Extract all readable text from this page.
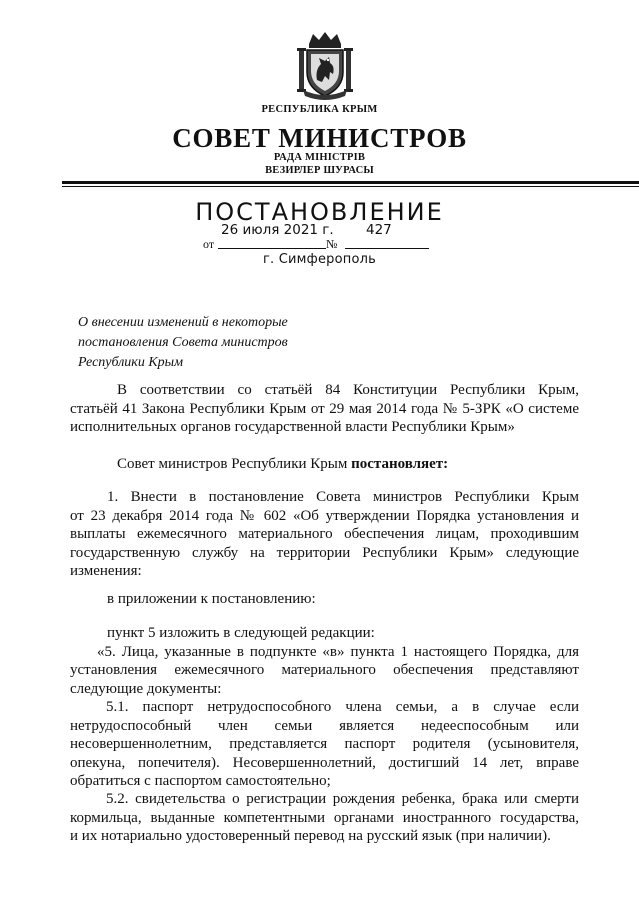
РЕСПУБЛИКА КРЫМ
СОВЕТ МИНИСТРОВ
РАДА МІНІСТРІВ
ВЕЗИРЛЕР ШУРАСЫ
ПОСТАНОВЛЕНИЕ
26 июля 2021 г. 427
от	№
г. Симферополь
О внесении изменений в некоторые
постановления Совета министров
Республики Крым
В соответствии со статьёй 84 Конституции Республики Крым,
статьёй 41 Закона Республики Крым от 29 мая 2014 года № 5-ЗРК «О системе
исполнительных органов государственной власти Республики Крым»
Совет министров Республики Крым постановляет:
1. Внести в постановление Совета министров Республики Крым
от 23 декабря 2014 года № 602 «Об утверждении Порядка установления и
выплаты ежемесячного материального обеспечения лицам, проходившим
государственную службу на территории Республики Крым» следующие
изменения:
в приложении к постановлению:
пункт 5 изложить в следующей редакции:
«5. Лица, указанные в подпункте «в» пункта 1 настоящего Порядка, для
установления ежемесячного материального обеспечения представляют
следующие документы:
5.1. паспорт нетрудоспособного члена семьи, а в случае если
нетрудоспособный член семьи является недееспособным или
несовершеннолетним, представляется паспорт родителя (усыновителя,
опекуна, попечителя). Несовершеннолетний, достигший 14 лет, вправе
обратиться с паспортом самостоятельно;
5.2. свидетельства о регистрации рождения ребенка, брака или смерти
кормильца, выданные компетентными органами иностранного государства,
и их нотариально удостоверенный перевод на русский язык (при наличии).
